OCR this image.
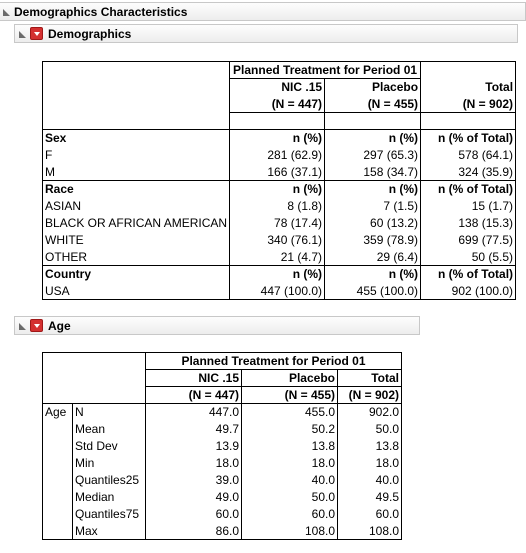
Demographics Characteristics
Demographics
	Planned Treatment for Period 01		
	NIC .15	Placebo	Total
	(N = 447)	(N = 455)	(N = 902)

Sex	n (%)	n (%)	n (% of Total)
F	281 (62.9)	297 (65.3)	578 (64.1)
M	166 (37.1)	158 (34.7)	324 (35.9)
Race	n (%)	n (%)	n (% of Total)
ASIAN	8 (1.8)	7 (1.5)	15 (1.7)
BLACK OR AFRICAN AMERICAN	78 (17.4)	60 (13.2)	138 (15.3)
WHITE	340 (76.1)	359 (78.9)	699 (77.5)
OTHER	21 (4.7)	29 (6.4)	50 (5.5)
Country	n (%)	n (%)	n (% of Total)
USA	447 (100.0)	455 (100.0)	902 (100.0)
Age
		Planned Treatment for Period 01		
		NIC .15	Placebo	Total
		(N = 447)	(N = 455)	(N = 902)
Age	N	447.0	455.0	902.0
	Mean	49.7	50.2	50.0
	Std Dev	13.9	13.8	13.8
	Min	18.0	18.0	18.0
	Quantiles25	39.0	40.0	40.0
	Median	49.0	50.0	49.5
	Quantiles75	60.0	60.0	60.0
	Max	86.0	108.0	108.0
